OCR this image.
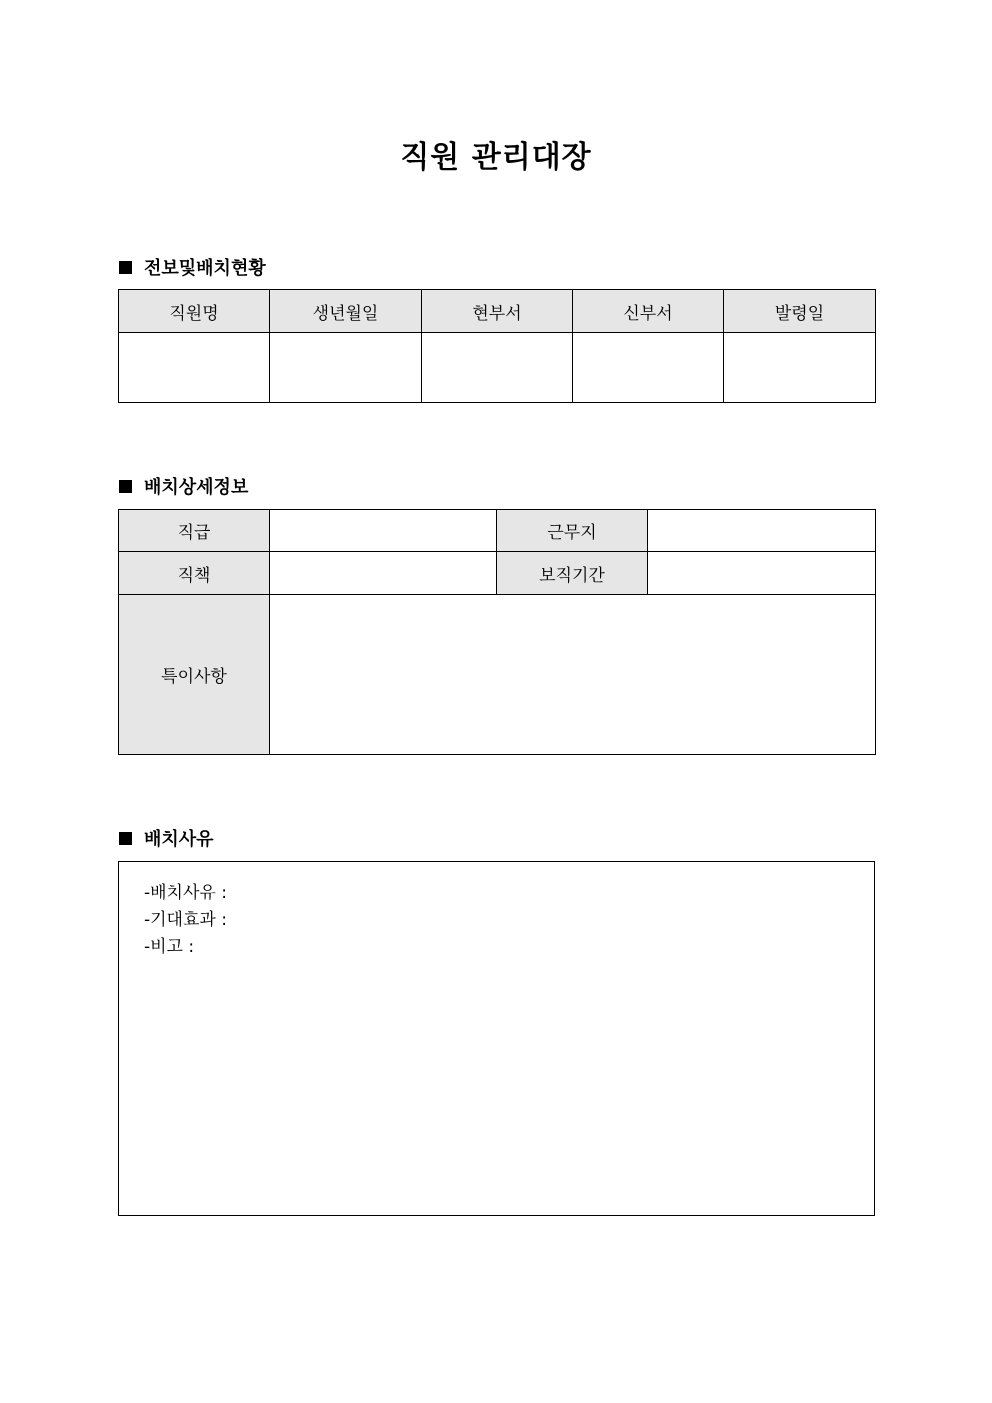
직원 관리대장
전보및배치현황
직원명	생년월일	현부서	신부서	발령일

배치상세정보
직급		근무지	
직책		보직기간	
특이사항			
배치사유
-배치사유 :
-기대효과 :
-비고 :
